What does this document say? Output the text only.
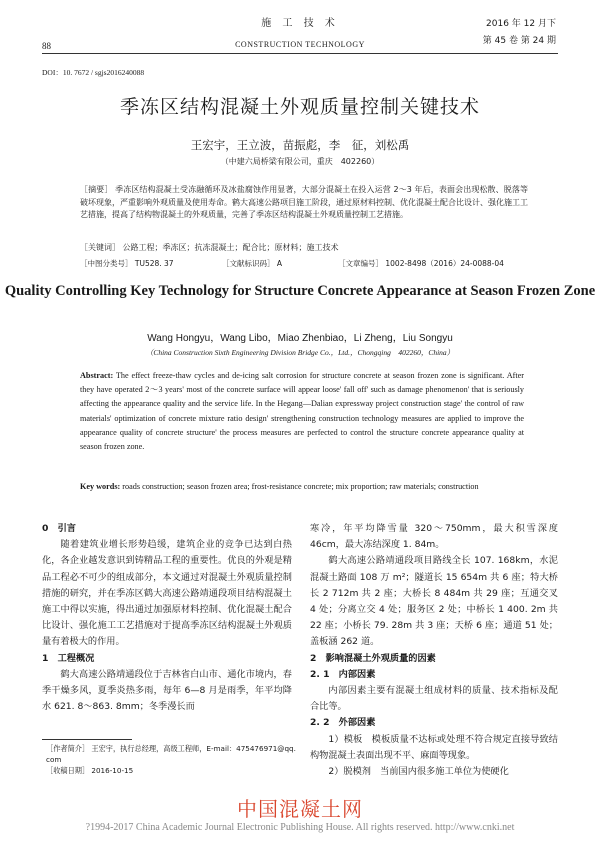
施 工 技 术
CONSTRUCTION TECHNOLOGY
88
2016 年 12 月下
第 45 卷 第 24 期
DOI：10. 7672 / sgjs2016240088
季冻区结构混凝土外观质量控制关键技术
王宏宇，王立波，苗振彪，李　征，刘松禹
（中建六局桥梁有限公司，重庆　402260）
［摘要］ 季冻区结构混凝土受冻融循环及冰盐腐蚀作用显著，大部分混凝土在投入运营 2～3 年后，表面会出现松散、脱落等破坏现象，严重影响外观质量及使用寿命。鹤大高速公路项目施工阶段，通过原材料控制、优化混凝土配合比设计、强化施工工艺措施，提高了结构物混凝土的外观质量，完善了季冻区结构混凝土外观质量控制工艺措施。
［关键词］ 公路工程；季冻区；抗冻混凝土；配合比；原材料；施工技术
［中图分类号］ TU528. 37	［文献标识码］ A	［文章编号］ 1002-8498（2016）24-0088-04
Quality Controlling Key Technology for Structure Concrete Appearance at Season Frozen Zone
Wang Hongyu，Wang Libo，Miao Zhenbiao，Li Zheng，Liu Songyu
（China Construction Sixth Engineering Division Bridge Co.，Ltd.，Chongqing　402260，China）
Abstract: The effect freeze-thaw cycles and de-icing salt corrosion for structure concrete at season frozen zone is significant. After they have operated 2～3 years' most of the concrete surface will appear loose' fall off' such as damage phenomenon' that is seriously affecting the appearance quality and the service life. In the Hegang—Dalian expressway project construction stage' the control of raw materials' optimization of concrete mixture ratio design' strengthening construction technology measures are applied to improve the appearance quality of concrete structure' the process measures are perfected to control the structure concrete appearance quality at season frozen zone.
Key words: roads construction; season frozen area; frost-resistance concrete; mix proportion; raw materials; construction

0　引言

随着建筑业增长形势趋缓，建筑企业的竞争已达到白热化，各企业越发意识到铸精品工程的重要性。优良的外观是精品工程必不可少的组成部分，本文通过对混凝土外观质量控制措施的研究，并在季冻区鹤大高速公路靖通段项目结构混凝土施工中得以实施，得出通过加强原材料控制、优化混凝土配合比设计、强化施工工艺措施对于提高季冻区结构混凝土外观质量有着极大的作用。

1　工程概况

鹤大高速公路靖通段位于吉林省白山市、通化市境内，春季干燥多风，夏季炎热多雨，每年 6—8 月是雨季，年平均降水 621. 8～863. 8mm；冬季漫长而

寒冷，年平均降雪量 320～750mm，最大积雪深度 46cm，最大冻结深度 1. 84m。

鹤大高速公路靖通段项目路线全长 107. 168km，水泥混凝土路面 108 万 m²；隧道长 15 654m 共 6 座；特大桥长 2 712m 共 2 座；大桥长 8 484m 共 29 座；互通交叉 4 处；分离立交 4 处；服务区 2 处；中桥长 1 400. 2m 共 22 座；小桥长 79. 28m 共 3 座；天桥 6 座；通道 51 处；盖板涵 262 道。

2　影响混凝土外观质量的因素

2. 1　内部因素

内部因素主要有混凝土组成材料的质量、技术指标及配合比等。

2. 2　外部因素

1）模板　模板质量不达标或处理不符合规定直接导致结构物混凝土表面出现不平、麻面等现象。

2）脱模剂　当前国内很多施工单位为使硬化

［作者简介］ 王宏宇，执行总经理，高级工程师，E-mail：475476971@qq. com
［收稿日期］ 2016-10-15
中国混凝土网
?1994-2017 China Academic Journal Electronic Publishing House. All rights reserved. http://www.cnki.net
